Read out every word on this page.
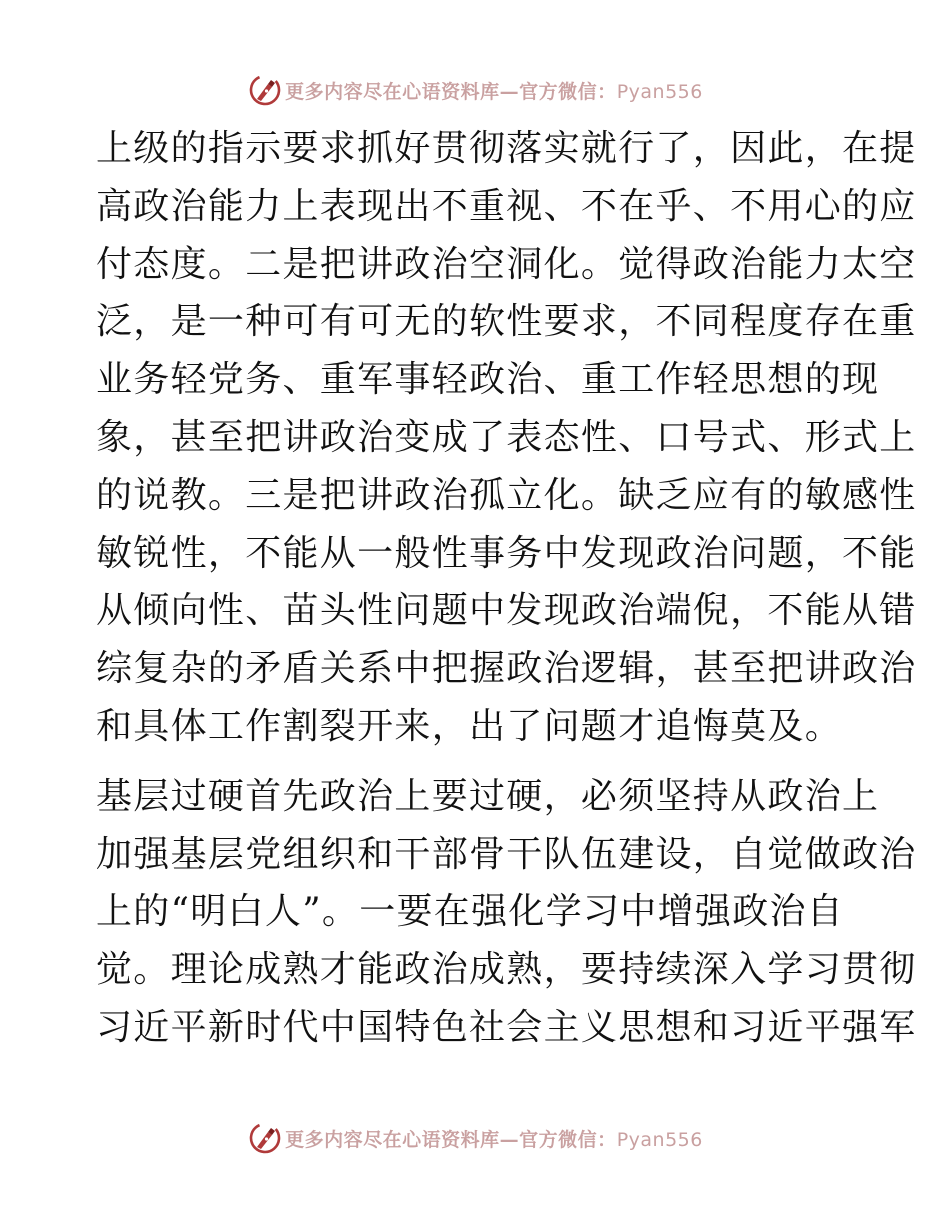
更多内容尽在心语资料库—官方微信：Pyan556

上级的指示要求抓好贯彻落实就行了，因此，在提
高政治能力上表现出不重视、不在乎、不用心的应
付态度。二是把讲政治空洞化。觉得政治能力太空
泛，是一种可有可无的软性要求，不同程度存在重
业务轻党务、重军事轻政治、重工作轻思想的现
象，甚至把讲政治变成了表态性、口号式、形式上
的说教。三是把讲政治孤立化。缺乏应有的敏感性
敏锐性，不能从一般性事务中发现政治问题，不能
从倾向性、苗头性问题中发现政治端倪，不能从错
综复杂的矛盾关系中把握政治逻辑，甚至把讲政治
和具体工作割裂开来，出了问题才追悔莫及。

基层过硬首先政治上要过硬，必须坚持从政治上
加强基层党组织和干部骨干队伍建设，自觉做政治
上的“明白人”。一要在强化学习中增强政治自
觉。理论成熟才能政治成熟，要持续深入学习贯彻
习近平新时代中国特色社会主义思想和习近平强军

更多内容尽在心语资料库—官方微信：Pyan556
